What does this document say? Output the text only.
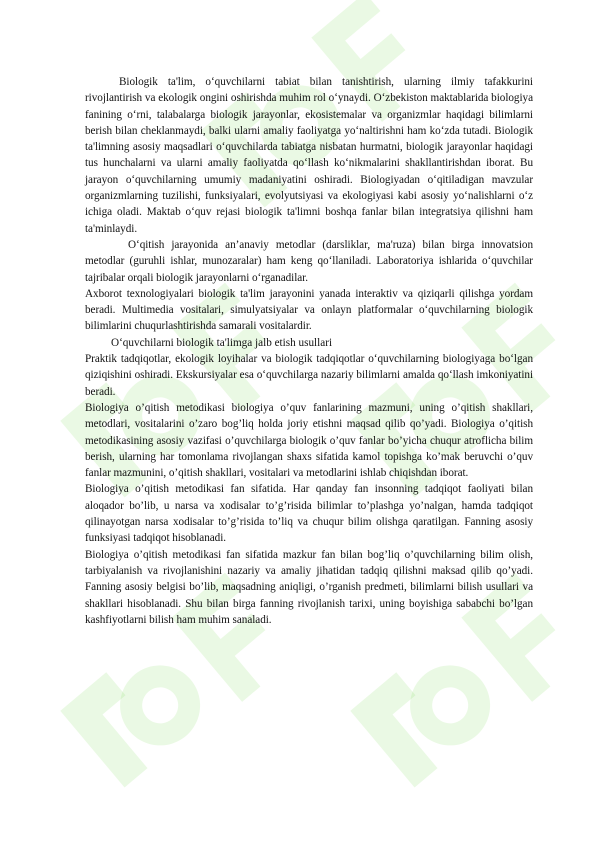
Biologik ta'lim, o‘quvchilarni tabiat bilan tanishtirish, ularning ilmiy tafakkurini rivojlantirish va ekologik ongini oshirishda muhim rol o‘ynaydi. O‘zbekiston maktablarida biologiya fanining o‘rni, talabalarga biologik jarayonlar, ekosistemalar va organizmlar haqidagi bilimlarni berish bilan cheklanmaydi, balki ularni amaliy faoliyatga yo‘naltirishni ham ko‘zda tutadi. Biologik ta'limning asosiy maqsadlari o‘quvchilarda tabiatga nisbatan hurmatni, biologik jarayonlar haqidagi tus hunchalarni va ularni amaliy faoliyatda qo‘llash ko‘nikmalarini shakllantirishdan iborat. Bu jarayon o‘quvchilarning umumiy madaniyatini oshiradi. Biologiyadan o‘qitiladigan mavzular organizmlarning tuzilishi, funksiyalari, evolyutsiyasi va ekologiyasi kabi asosiy yo‘nalishlarni o‘z ichiga oladi. Maktab o‘quv rejasi biologik ta'limni boshqa fanlar bilan integratsiya qilishni ham ta'minlaydi.

O‘qitish jarayonida an’anaviy metodlar (darsliklar, ma'ruza) bilan birga innovatsion metodlar (guruhli ishlar, munozaralar) ham keng qo‘llaniladi. Laboratoriya ishlarida o‘quvchilar tajribalar orqali biologik jarayonlarni o‘rganadilar.

Axborot texnologiyalari biologik ta'lim jarayonini yanada interaktiv va qiziqarli qilishga yordam beradi. Multimedia vositalari, simulyatsiyalar va onlayn platformalar o‘quvchilarning biologik bilimlarini chuqurlashtirishda samarali vositalardir.

O‘quvchilarni biologik ta'limga jalb etish usullari

Praktik tadqiqotlar, ekologik loyihalar va biologik tadqiqotlar o‘quvchilarning biologiyaga bo‘lgan qiziqishini oshiradi. Ekskursiyalar esa o‘quvchilarga nazariy bilimlarni amalda qo‘llash imkoniyatini beradi.

Biologiya o’qitish metodikasi biologiya o’quv fanlarining mazmuni, uning o’qitish shakllari, metodlari, vositalarini o’zaro bog’liq holda joriy etishni maqsad qilib qo’yadi. Biologiya o’qitish metodikasining asosiy vazifasi o’quvchilarga biologik o’quv fanlar bo’yicha chuqur atroflicha bilim berish, ularning har tomonlama rivojlangan shaxs sifatida kamol topishga ko’mak beruvchi o’quv fanlar mazmunini, o’qitish shakllari, vositalari va metodlarini ishlab chiqishdan iborat.

Biologiya o’qitish metodikasi fan sifatida. Har qanday fan insonning tadqiqot faoliyati bilan aloqador bo’lib, u narsa va xodisalar to’g’risida bilimlar to’plashga yo’nalgan, hamda tadqiqot qilinayotgan narsa xodisalar to’g’risida to’liq va chuqur bilim olishga qaratilgan. Fanning asosiy funksiyasi tadqiqot hisoblanadi.

Biologiya o’qitish metodikasi fan sifatida mazkur fan bilan bog’liq o’quvchilarning bilim olish, tarbiyalanish va rivojlanishini nazariy va amaliy jihatidan tadqiq qilishni maksad qilib qo’yadi. Fanning asosiy belgisi bo’lib, maqsadning aniqligi, o’rganish predmeti, bilimlarni bilish usullari va shakllari hisoblanadi. Shu bilan birga fanning rivojlanish tarixi, uning boyishiga sababchi bo’lgan kashfiyotlarni bilish ham muhim sanaladi.
